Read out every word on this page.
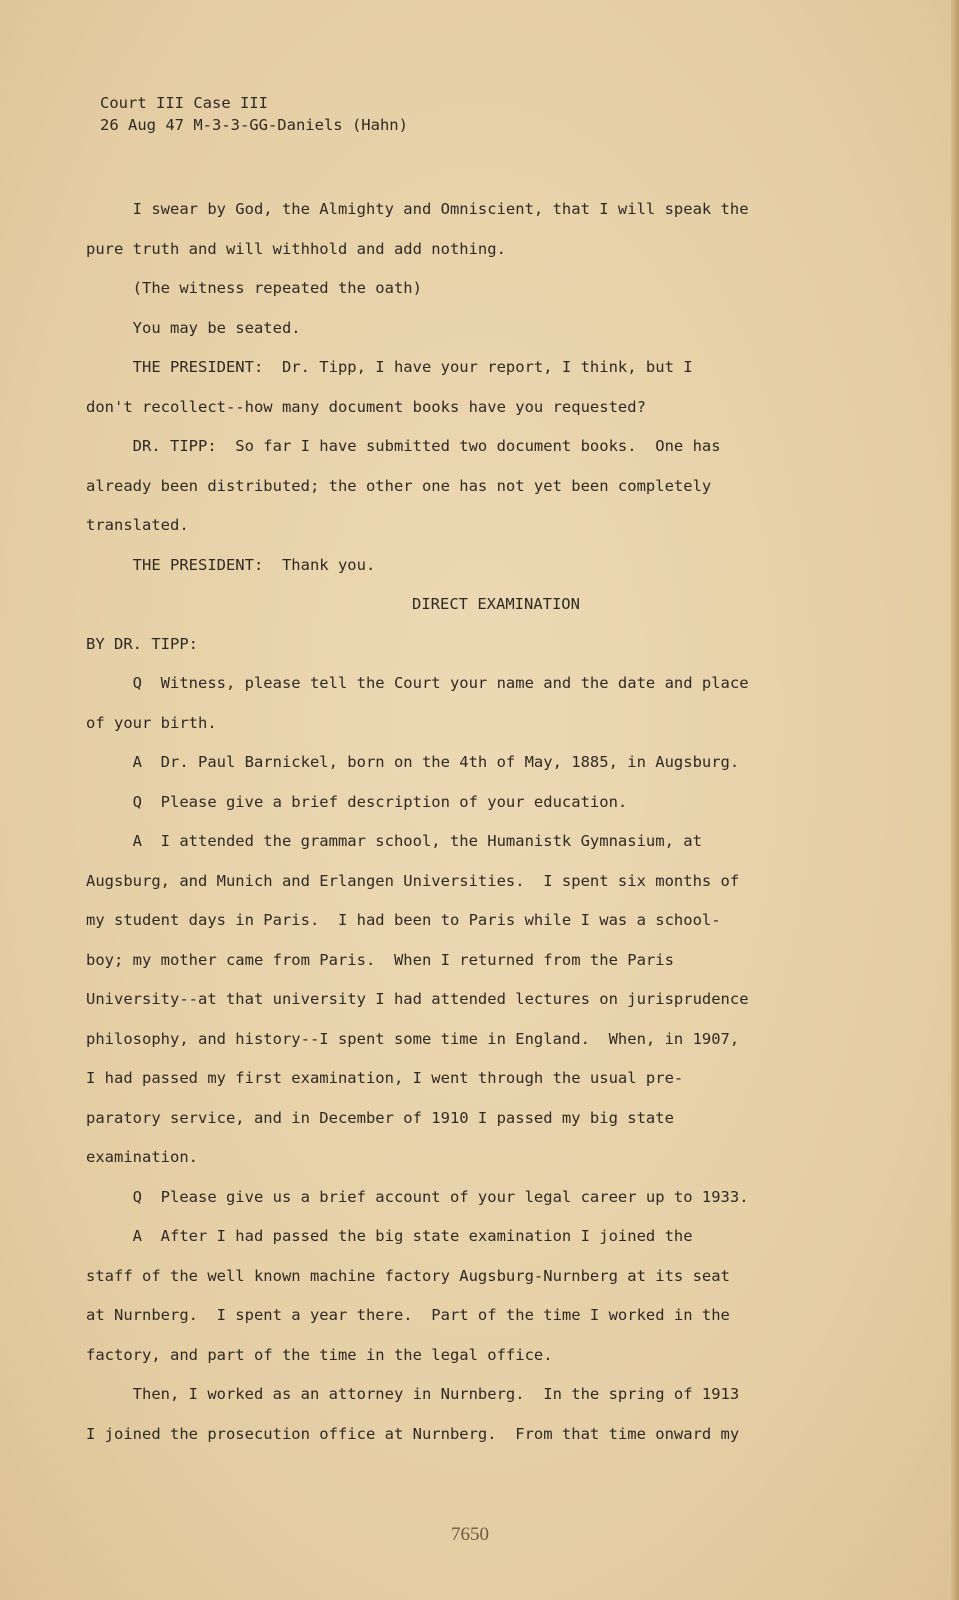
Court III Case III
26 Aug 47 M-3-3-GG-Daniels (Hahn)
I swear by God, the Almighty and Omniscient, that I will speak the
pure truth and will withhold and add nothing.
(The witness repeated the oath)
You may be seated.
THE PRESIDENT:  Dr. Tipp, I have your report, I think, but I
don't recollect--how many document books have you requested?
DR. TIPP:  So far I have submitted two document books.  One has
already been distributed; the other one has not yet been completely
translated.
THE PRESIDENT:  Thank you.
DIRECT EXAMINATION
BY DR. TIPP:
Q  Witness, please tell the Court your name and the date and place
of your birth.
A  Dr. Paul Barnickel, born on the 4th of May, 1885, in Augsburg.
Q  Please give a brief description of your education.
A  I attended the grammar school, the Humanistk Gymnasium, at
Augsburg, and Munich and Erlangen Universities.  I spent six months of
my student days in Paris.  I had been to Paris while I was a school-
boy; my mother came from Paris.  When I returned from the Paris
University--at that university I had attended lectures on jurisprudence
philosophy, and history--I spent some time in England.  When, in 1907,
I had passed my first examination, I went through the usual pre-
paratory service, and in December of 1910 I passed my big state
examination.
Q  Please give us a brief account of your legal career up to 1933.
A  After I had passed the big state examination I joined the
staff of the well known machine factory Augsburg-Nurnberg at its seat
at Nurnberg.  I spent a year there.  Part of the time I worked in the
factory, and part of the time in the legal office.
Then, I worked as an attorney in Nurnberg.  In the spring of 1913
I joined the prosecution office at Nurnberg.  From that time onward my
7650
